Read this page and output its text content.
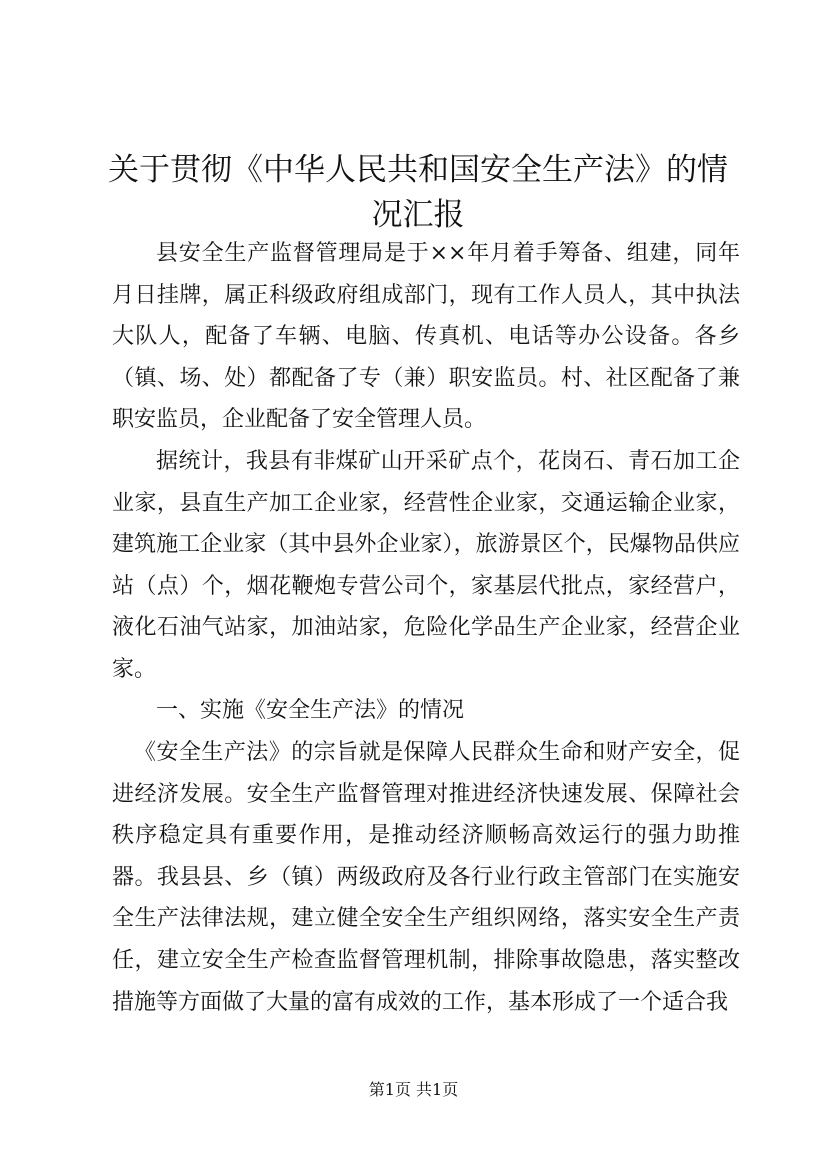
关于贯彻《中华人民共和国安全生产法》的情
况汇报

县安全生产监督管理局是于××年月着手筹备、组建，同年月日挂牌，属正科级政府组成部门，现有工作人员人，其中执法大队人，配备了车辆、电脑、传真机、电话等办公设备。各乡（镇、场、处）都配备了专（兼）职安监员。村、社区配备了兼职安监员，企业配备了安全管理人员。

据统计，我县有非煤矿山开采矿点个，花岗石、青石加工企业家，县直生产加工企业家，经营性企业家，交通运输企业家，建筑施工企业家（其中县外企业家），旅游景区个，民爆物品供应站（点）个，烟花鞭炮专营公司个，家基层代批点，家经营户，液化石油气站家，加油站家，危险化学品生产企业家，经营企业家。

一、实施《安全生产法》的情况

《安全生产法》的宗旨就是保障人民群众生命和财产安全，促进经济发展。安全生产监督管理对推进经济快速发展、保障社会秩序稳定具有重要作用，是推动经济顺畅高效运行的强力助推器。我县县、乡（镇）两级政府及各行业行政主管部门在实施安全生产法律法规，建立健全安全生产组织网络，落实安全生产责任，建立安全生产检查监督管理机制，排除事故隐患，落实整改措施等方面做了大量的富有成效的工作，基本形成了一个适合我

第1页 共1页
